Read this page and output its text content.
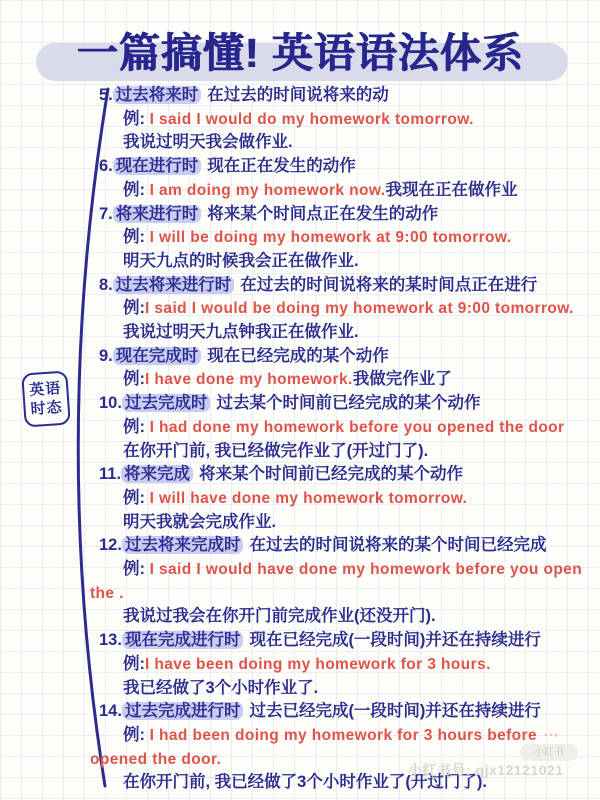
一篇搞懂! 英语语法体系
英语
时态
5. 过去将来时 在过去的时间说将来的动
例: I said I would do my homework tomorrow.
我说过明天我会做作业.
6. 现在进行时 现在正在发生的动作
例: I am doing my homework now.我现在正在做作业
7. 将来进行时 将来某个时间点正在发生的动作
例: I will be doing my homework at 9:00 tomorrow.
明天九点的时候我会正在做作业.
8. 过去将来进行时 在过去的时间说将来的某时间点正在进行
例:I said I would be doing my homework at 9:00 tomorrow.
我说过明天九点钟我正在做作业.
9. 现在完成时 现在已经完成的某个动作
例:I have done my homework.我做完作业了
10. 过去完成时 过去某个时间前已经完成的某个动作
例: I had done my homework before you opened the door
在你开门前, 我已经做完作业了(开过门了).
11. 将来完成 将来某个时间前已经完成的某个动作
例: I will have done my homework tomorrow.
明天我就会完成作业.
12. 过去将来完成时 在过去的时间说将来的某个时间已经完成
例: I said I would have done my homework before you open
the .
我说过我会在你开门前完成作业(还没开门).
13. 现在完成进行时 现在已经完成(一段时间)并还在持续进行
例:I have been doing my homework for 3 hours.
我已经做了3个小时作业了.
14. 过去完成进行时 过去已经完成(一段时间)并还在持续进行
例: I had been doing my homework for 3 hours before ⋯
opened the door.
在你开门前, 我已经做了3个小时作业了(开过门了).
小红书
小红书号: qjx12121021
